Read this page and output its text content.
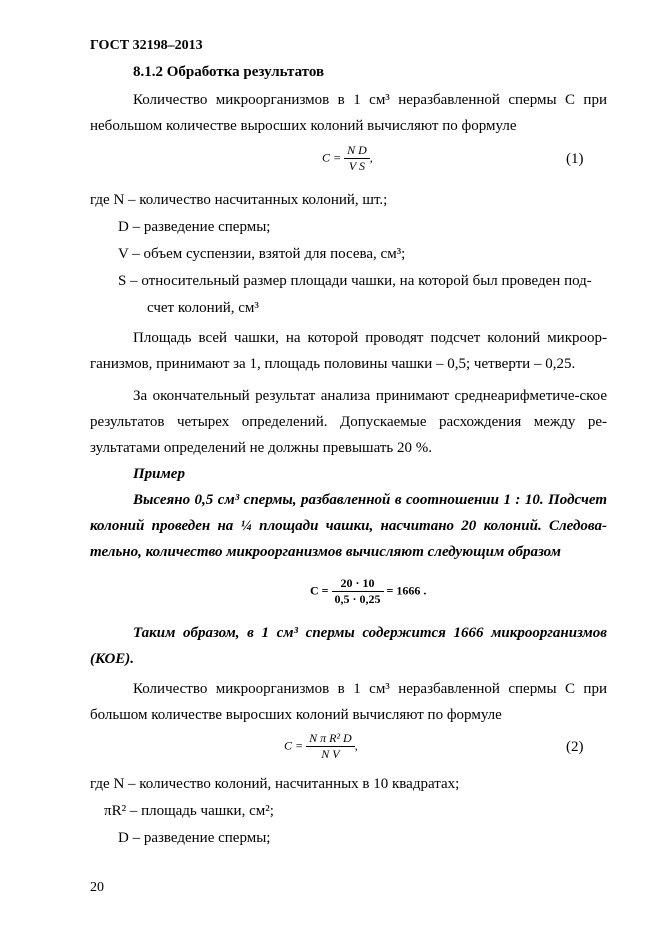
ГОСТ 32198–2013
8.1.2 Обработка результатов
Количество микроорганизмов в 1 см³ неразбавленной спермы C при небольшом количестве выросших колоний вычисляют по формуле
$C = \frac{\text{N D}}{\text{V S}}$ ,	(1)
где N – количество насчитанных колоний, шт.;
D – разведение спермы;
V – объем суспензии, взятой для посева, см³;
S – относительный размер площади чашки, на которой был проведен под-
счет колоний, см³
Площадь всей чашки, на которой проводят подсчет колоний микроор-ганизмов, принимают за 1, площадь половины чашки – 0,5; четверти – 0,25.
За окончательный результат анализа принимают среднеарифметиче-ское результатов четырех определений. Допускаемые расхождения между ре-зультатами определений не должны превышать 20 %.
Пример
Высеяно 0,5 см³ спермы, разбавленной в соотношении 1 : 10. Подсчет колоний проведен на ¼ площади чашки, насчитано 20 колоний. Следова-тельно, количество микроорганизмов вычисляют следующим образом
$С = \frac{20 \cdot 10}{0,5 \cdot 0,25} = 1666$ .
Таким образом, в 1 см³ спермы содержится 1666 микроорганизмов (КОЕ).
Количество микроорганизмов в 1 см³ неразбавленной спермы C при большом количестве выросших колоний вычисляют по формуле
$C = \frac{\text{N π R² D}}{\text{N V}}$ ,	(2)
где N – количество колоний, насчитанных в 10 квадратах;
πR² – площадь чашки, см²;
D – разведение спермы;
20
